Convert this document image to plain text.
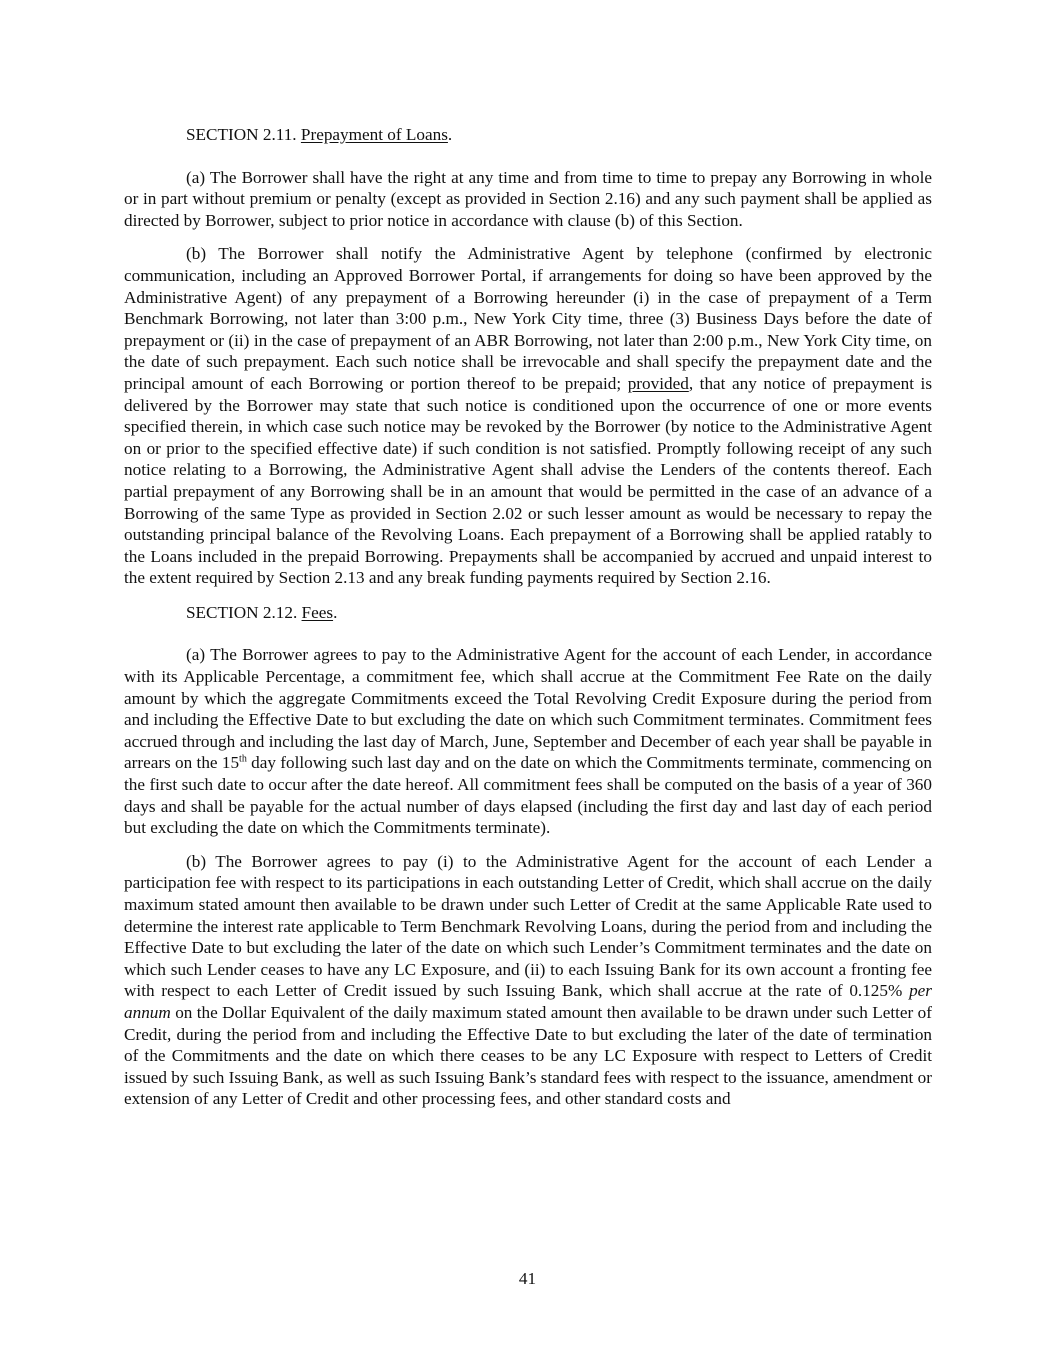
SECTION 2.11. Prepayment of Loans.

(a) The Borrower shall have the right at any time and from time to time to prepay any Borrowing in whole or in part without premium or penalty (except as provided in Section 2.16) and any such payment shall be applied as directed by Borrower, subject to prior notice in accordance with clause (b) of this Section.

(b) The Borrower shall notify the Administrative Agent by telephone (confirmed by electronic communication, including an Approved Borrower Portal, if arrangements for doing so have been approved by the Administrative Agent) of any prepayment of a Borrowing hereunder (i) in the case of prepayment of a Term Benchmark Borrowing, not later than 3:00 p.m., New York City time, three (3) Business Days before the date of prepayment or (ii) in the case of prepayment of an ABR Borrowing, not later than 2:00 p.m., New York City time, on the date of such prepayment. Each such notice shall be irrevocable and shall specify the prepayment date and the principal amount of each Borrowing or portion thereof to be prepaid; provided, that any notice of prepayment is delivered by the Borrower may state that such notice is conditioned upon the occurrence of one or more events specified therein, in which case such notice may be revoked by the Borrower (by notice to the Administrative Agent on or prior to the specified effective date) if such condition is not satisfied. Promptly following receipt of any such notice relating to a Borrowing, the Administrative Agent shall advise the Lenders of the contents thereof. Each partial prepayment of any Borrowing shall be in an amount that would be permitted in the case of an advance of a Borrowing of the same Type as provided in Section 2.02 or such lesser amount as would be necessary to repay the outstanding principal balance of the Revolving Loans. Each prepayment of a Borrowing shall be applied ratably to the Loans included in the prepaid Borrowing. Prepayments shall be accompanied by accrued and unpaid interest to the extent required by Section 2.13 and any break funding payments required by Section 2.16.

SECTION 2.12. Fees.

(a) The Borrower agrees to pay to the Administrative Agent for the account of each Lender, in accordance with its Applicable Percentage, a commitment fee, which shall accrue at the Commitment Fee Rate on the daily amount by which the aggregate Commitments exceed the Total Revolving Credit Exposure during the period from and including the Effective Date to but excluding the date on which such Commitment terminates. Commitment fees accrued through and including the last day of March, June, September and December of each year shall be payable in arrears on the 15th day following such last day and on the date on which the Commitments terminate, commencing on the first such date to occur after the date hereof. All commitment fees shall be computed on the basis of a year of 360 days and shall be payable for the actual number of days elapsed (including the first day and last day of each period but excluding the date on which the Commitments terminate).

(b) The Borrower agrees to pay (i) to the Administrative Agent for the account of each Lender a participation fee with respect to its participations in each outstanding Letter of Credit, which shall accrue on the daily maximum stated amount then available to be drawn under such Letter of Credit at the same Applicable Rate used to determine the interest rate applicable to Term Benchmark Revolving Loans, during the period from and including the Effective Date to but excluding the later of the date on which such Lender’s Commitment terminates and the date on which such Lender ceases to have any LC Exposure, and (ii) to each Issuing Bank for its own account a fronting fee with respect to each Letter of Credit issued by such Issuing Bank, which shall accrue at the rate of 0.125% per annum on the Dollar Equivalent of the daily maximum stated amount then available to be drawn under such Letter of Credit, during the period from and including the Effective Date to but excluding the later of the date of termination of the Commitments and the date on which there ceases to be any LC Exposure with respect to Letters of Credit issued by such Issuing Bank, as well as such Issuing Bank’s standard fees with respect to the issuance, amendment or extension of any Letter of Credit and other processing fees, and other standard costs and

41
